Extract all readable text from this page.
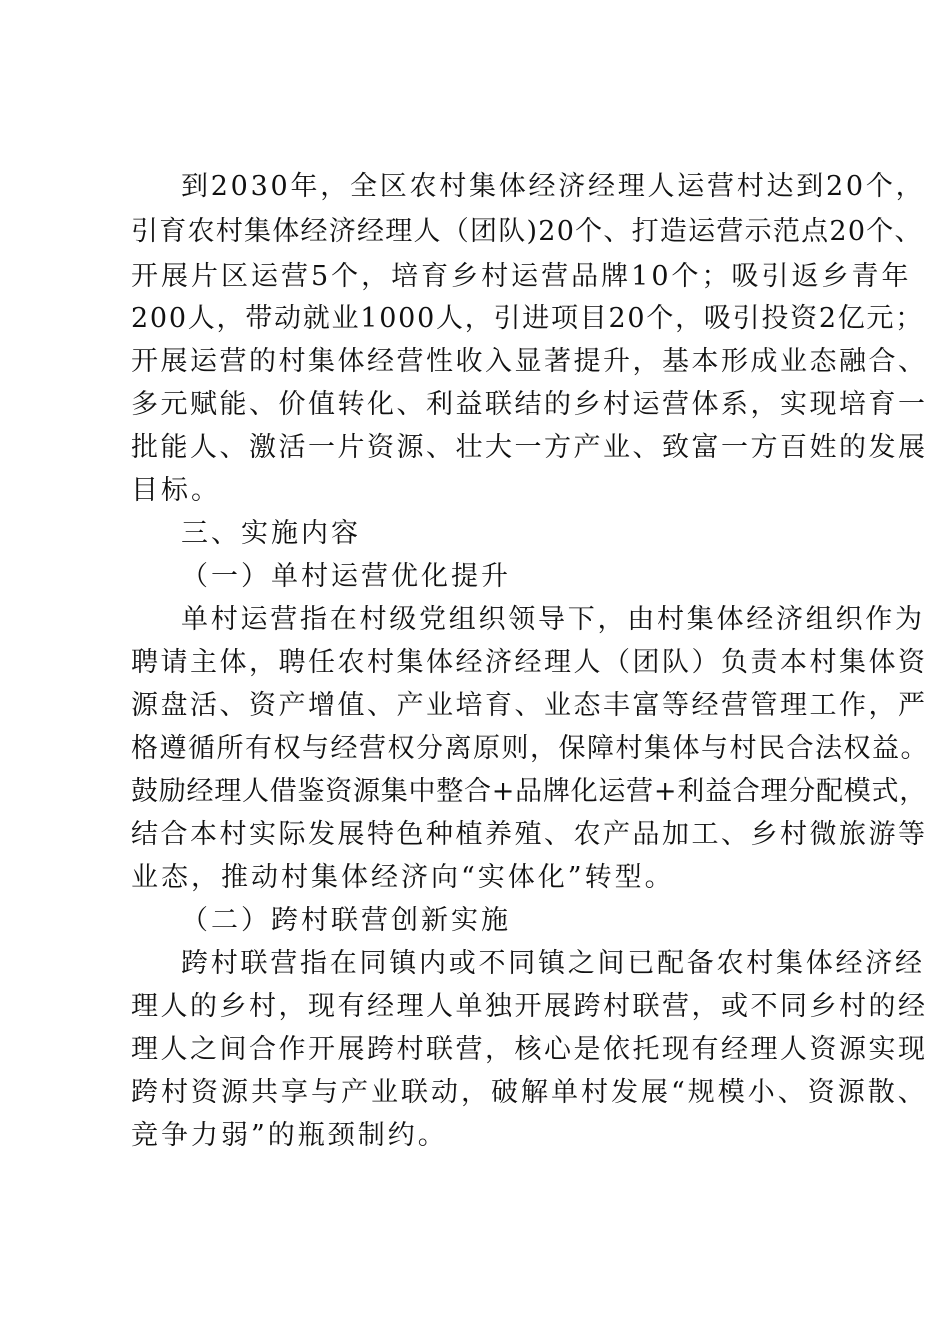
到2030年，全区农村集体经济经理人运营村达到20个，
引育农村集体经济经理人（团队)20个、打造运营示范点20个、
开展片区运营5个，培育乡村运营品牌10个；吸引返乡青年
200人，带动就业1000人，引进项目20个，吸引投资2亿元；
开展运营的村集体经营性收入显著提升，基本形成业态融合、
多元赋能、价值转化、利益联结的乡村运营体系，实现培育一
批能人、激活一片资源、壮大一方产业、致富一方百姓的发展
目标。
三、实施内容
（一）单村运营优化提升
单村运营指在村级党组织领导下，由村集体经济组织作为
聘请主体，聘任农村集体经济经理人（团队）负责本村集体资
源盘活、资产增值、产业培育、业态丰富等经营管理工作，严
格遵循所有权与经营权分离原则，保障村集体与村民合法权益。
鼓励经理人借鉴资源集中整合+品牌化运营+利益合理分配模式，
结合本村实际发展特色种植养殖、农产品加工、乡村微旅游等
业态，推动村集体经济向“实体化”转型。
（二）跨村联营创新实施
跨村联营指在同镇内或不同镇之间已配备农村集体经济经
理人的乡村，现有经理人单独开展跨村联营，或不同乡村的经
理人之间合作开展跨村联营，核心是依托现有经理人资源实现
跨村资源共享与产业联动，破解单村发展“规模小、资源散、
竞争力弱”的瓶颈制约。
